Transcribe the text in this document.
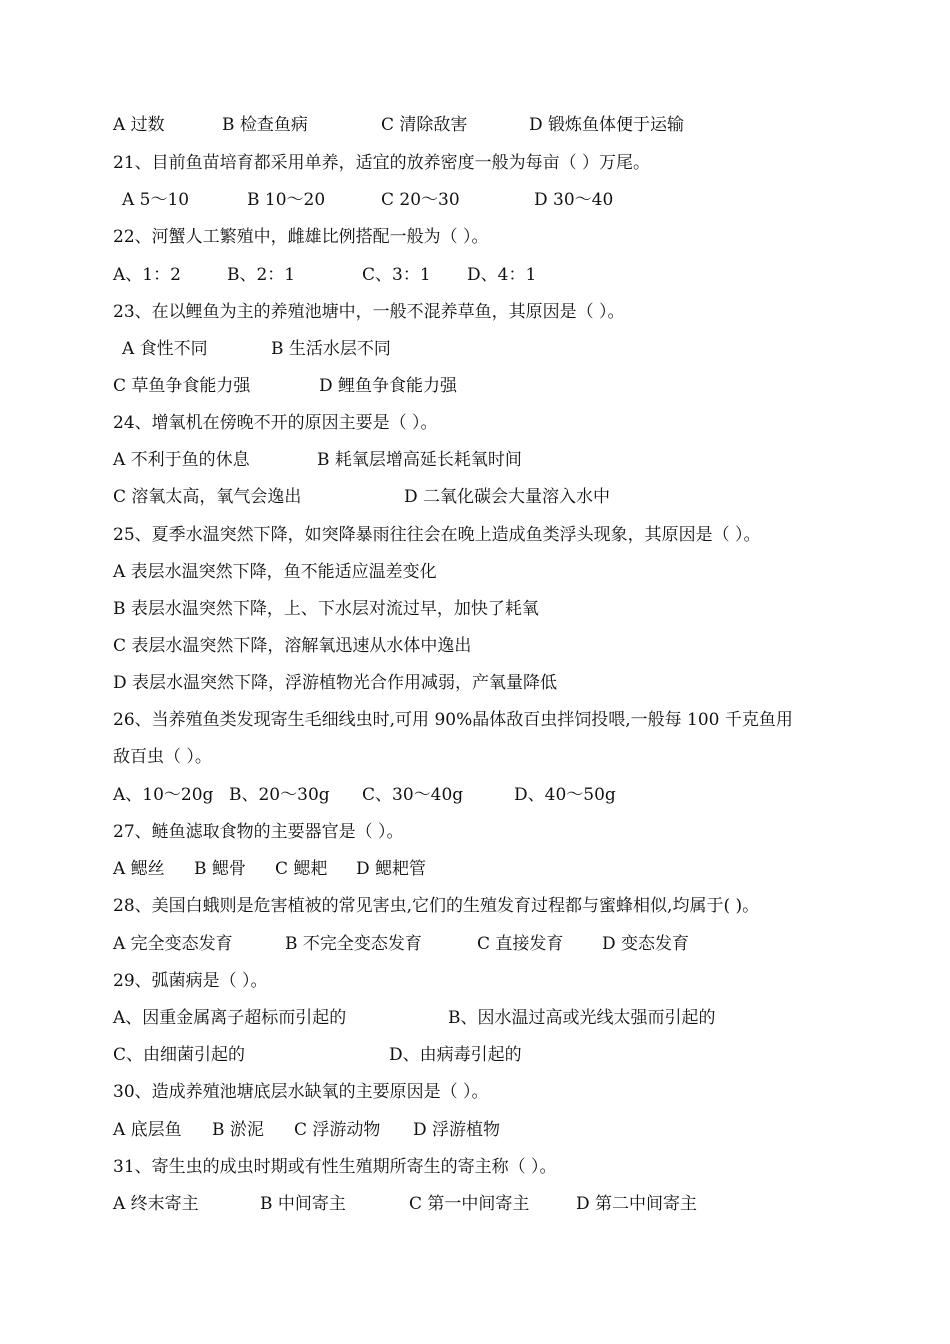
A 过数	B 检查鱼病	C 清除敌害	D 锻炼鱼体便于运输
21、目前鱼苗培育都采用单养，适宜的放养密度一般为每亩（ ）万尾。
A 5～10	B 10～20	C 20～30	D 30～40
22、河蟹人工繁殖中，雌雄比例搭配一般为（ ）。
A、1：2	B、2：1	C、3：1 D、4：1
23、在以鲤鱼为主的养殖池塘中，一般不混养草鱼，其原因是（ ）。
A 食性不同	B 生活水层不同
C 草鱼争食能力强	D 鲤鱼争食能力强
24、增氧机在傍晚不开的原因主要是（ ）。
A 不利于鱼的休息	B 耗氧层增高延长耗氧时间
C 溶氧太高，氧气会逸出	D 二氧化碳会大量溶入水中
25、夏季水温突然下降，如突降暴雨往往会在晚上造成鱼类浮头现象，其原因是（ ）。
A 表层水温突然下降，鱼不能适应温差变化
B 表层水温突然下降，上、下水层对流过早，加快了耗氧
C 表层水温突然下降，溶解氧迅速从水体中逸出
D 表层水温突然下降，浮游植物光合作用减弱，产氧量降低
26、当养殖鱼类发现寄生毛细线虫时,可用 90%晶体敌百虫拌饲投喂,一般每 100 千克鱼用
敌百虫（ ）。
A、10～20g B、20～30g C、30～40g	D、40～50g
27、鲢鱼滤取食物的主要器官是（ ）。
A 鳃丝 B 鳃骨 C 鳃耙 D 鳃耙管
28、美国白蛾则是危害植被的常见害虫,它们的生殖发育过程都与蜜蜂相似,均属于( )。
A 完全变态发育	B 不完全变态发育	C 直接发育 D 变态发育
29、弧菌病是（ ）。
A、因重金属离子超标而引起的	B、因水温过高或光线太强而引起的
C、由细菌引起的	D、由病毒引起的
30、造成养殖池塘底层水缺氧的主要原因是（ ）。
A 底层鱼 B 淤泥 C 浮游动物 D 浮游植物
31、寄生虫的成虫时期或有性生殖期所寄生的寄主称（ ）。
A 终末寄主	B 中间寄主	C 第一中间寄主	D 第二中间寄主
